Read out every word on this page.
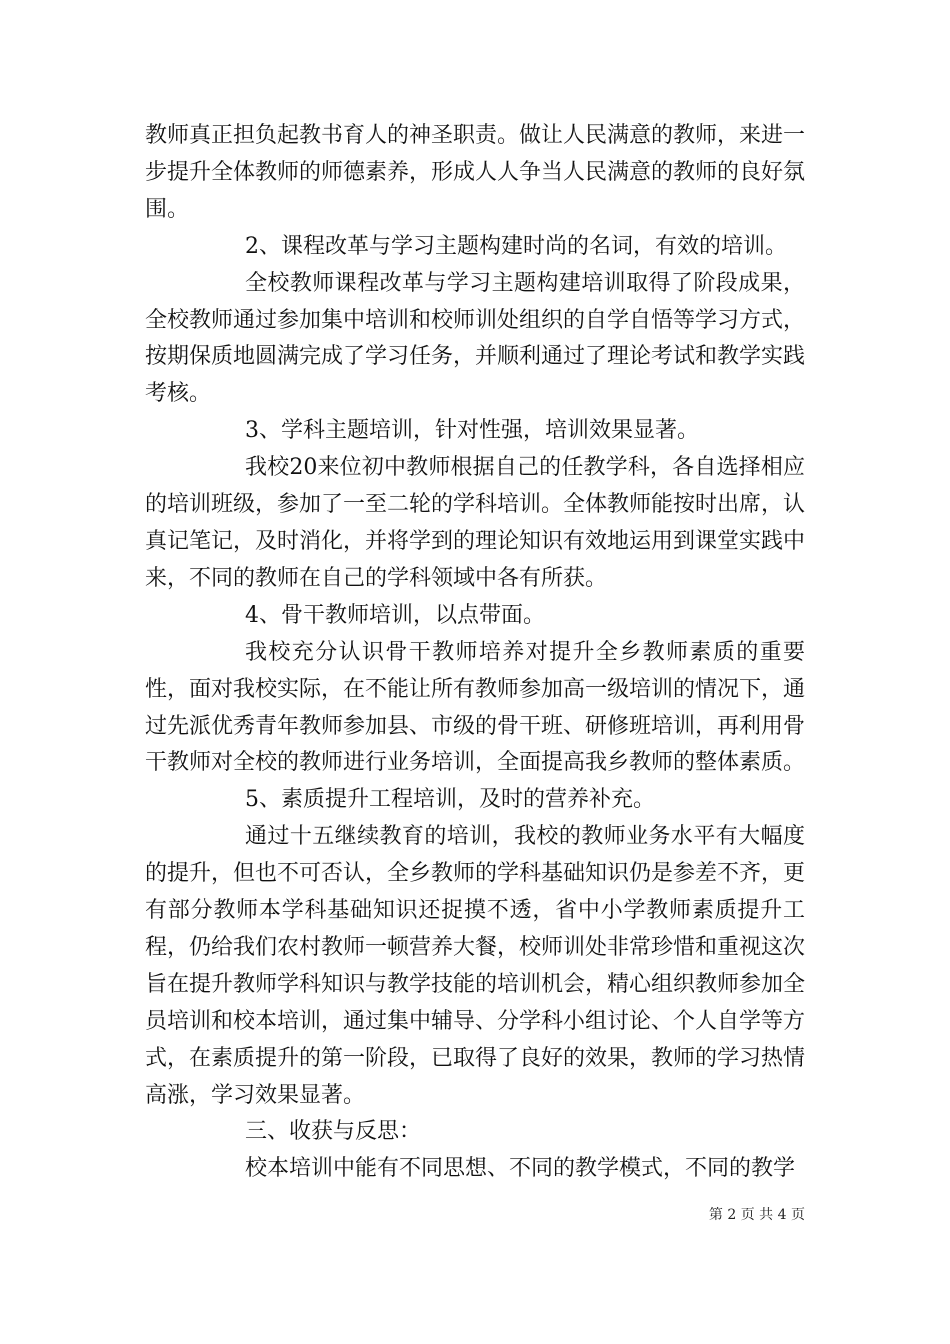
教师真正担负起教书育人的神圣职责。做让人民满意的教师，来进一步提升全体教师的师德素养，形成人人争当人民满意的教师的良好氛围。

2、课程改革与学习主题构建时尚的名词，有效的培训。

全校教师课程改革与学习主题构建培训取得了阶段成果，全校教师通过参加集中培训和校师训处组织的自学自悟等学习方式，按期保质地圆满完成了学习任务，并顺利通过了理论考试和教学实践考核。

3、学科主题培训，针对性强，培训效果显著。

我校20来位初中教师根据自己的任教学科，各自选择相应的培训班级，参加了一至二轮的学科培训。全体教师能按时出席，认真记笔记，及时消化，并将学到的理论知识有效地运用到课堂实践中来，不同的教师在自己的学科领域中各有所获。

4、骨干教师培训，以点带面。

我校充分认识骨干教师培养对提升全乡教师素质的重要性，面对我校实际，在不能让所有教师参加高一级培训的情况下，通过先派优秀青年教师参加县、市级的骨干班、研修班培训，再利用骨干教师对全校的教师进行业务培训，全面提高我乡教师的整体素质。

5、素质提升工程培训，及时的营养补充。

通过十五继续教育的培训，我校的教师业务水平有大幅度的提升，但也不可否认，全乡教师的学科基础知识仍是参差不齐，更有部分教师本学科基础知识还捉摸不透，省中小学教师素质提升工程，仍给我们农村教师一顿营养大餐，校师训处非常珍惜和重视这次旨在提升教师学科知识与教学技能的培训机会，精心组织教师参加全员培训和校本培训，通过集中辅导、分学科小组讨论、个人自学等方式，在素质提升的第一阶段，已取得了良好的效果，教师的学习热情高涨，学习效果显著。

三、收获与反思：

校本培训中能有不同思想、不同的教学模式，不同的教学

第 2 页 共 4 页
